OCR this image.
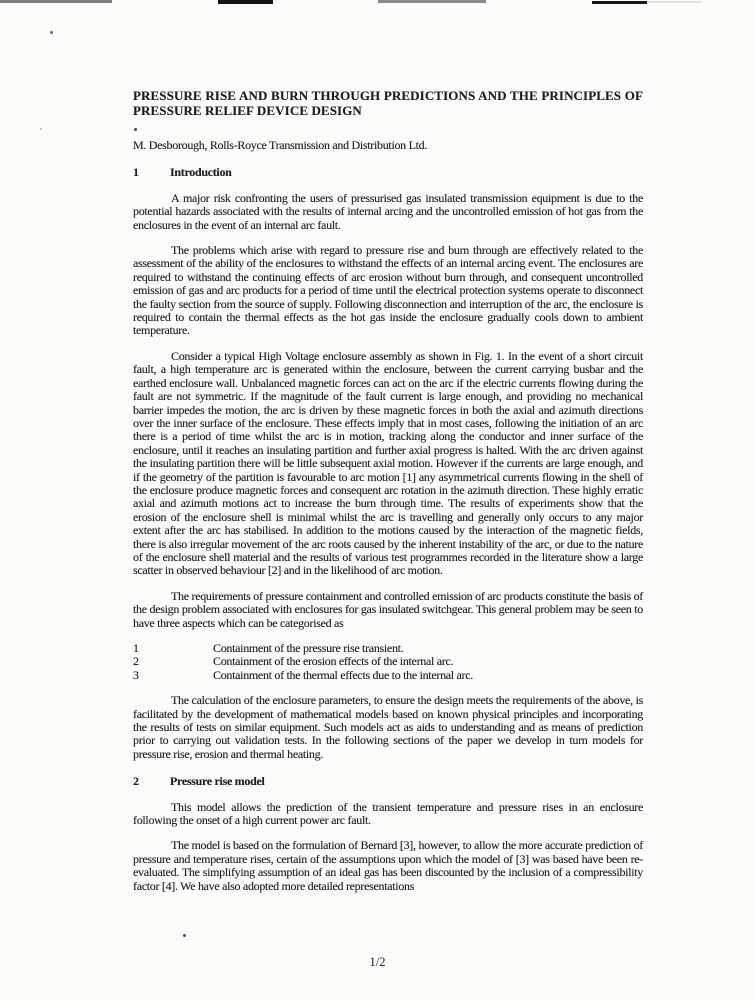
PRESSURE RISE AND BURN THROUGH PREDICTIONS AND THE PRINCIPLES OF
PRESSURE RELIEF DEVICE DESIGN

M. Desborough, Rolls-Royce Transmission and Distribution Ltd.

1	Introduction

A major risk confronting the users of pressurised gas insulated transmission equipment is due to the potential hazards associated with the results of internal arcing and the uncontrolled emission of hot gas from the enclosures in the event of an internal arc fault.

The problems which arise with regard to pressure rise and burn through are effectively related to the assessment of the ability of the enclosures to withstand the effects of an internal arcing event. The enclosures are required to withstand the continuing effects of arc erosion without burn through, and consequent uncontrolled emission of gas and arc products for a period of time until the electrical protection systems operate to disconnect the faulty section from the source of supply. Following disconnection and interruption of the arc, the enclosure is required to contain the thermal effects as the hot gas inside the enclosure gradually cools down to ambient temperature.

Consider a typical High Voltage enclosure assembly as shown in Fig. 1. In the event of a short circuit fault, a high temperature arc is generated within the enclosure, between the current carrying busbar and the earthed enclosure wall. Unbalanced magnetic forces can act on the arc if the electric currents flowing during the fault are not symmetric. If the magnitude of the fault current is large enough, and providing no mechanical barrier impedes the motion, the arc is driven by these magnetic forces in both the axial and azimuth directions over the inner surface of the enclosure. These effects imply that in most cases, following the initiation of an arc there is a period of time whilst the arc is in motion, tracking along the conductor and inner surface of the enclosure, until it reaches an insulating partition and further axial progress is halted. With the arc driven against the insulating partition there will be little subsequent axial motion. However if the currents are large enough, and if the geometry of the partition is favourable to arc motion [1] any asymmetrical currents flowing in the shell of the enclosure produce magnetic forces and consequent arc rotation in the azimuth direction. These highly erratic axial and azimuth motions act to increase the burn through time. The results of experiments show that the erosion of the enclosure shell is minimal whilst the arc is travelling and generally only occurs to any major extent after the arc has stabilised. In addition to the motions caused by the interaction of the magnetic fields, there is also irregular movement of the arc roots caused by the inherent instability of the arc, or due to the nature of the enclosure shell material and the results of various test programmes recorded in the literature show a large scatter in observed behaviour [2] and in the likelihood of arc motion.

The requirements of pressure containment and controlled emission of arc products constitute the basis of the design problem associated with enclosures for gas insulated switchgear. This general problem may be seen to have three aspects which can be categorised as

1	Containment of the pressure rise transient.
2	Containment of the erosion effects of the internal arc.
3	Containment of the thermal effects due to the internal arc.

The calculation of the enclosure parameters, to ensure the design meets the requirements of the above, is facilitated by the development of mathematical models based on known physical principles and incorporating the results of tests on similar equipment. Such models act as aids to understanding and as means of prediction prior to carrying out validation tests. In the following sections of the paper we develop in turn models for pressure rise, erosion and thermal heating.

2	Pressure rise model

This model allows the prediction of the transient temperature and pressure rises in an enclosure following the onset of a high current power arc fault.

The model is based on the formulation of Bernard [3], however, to allow the more accurate prediction of pressure and temperature rises, certain of the assumptions upon which the model of [3] was based have been re-evaluated. The simplifying assumption of an ideal gas has been discounted by the inclusion of a compressibility factor [4]. We have also adopted more detailed representations

1/2
